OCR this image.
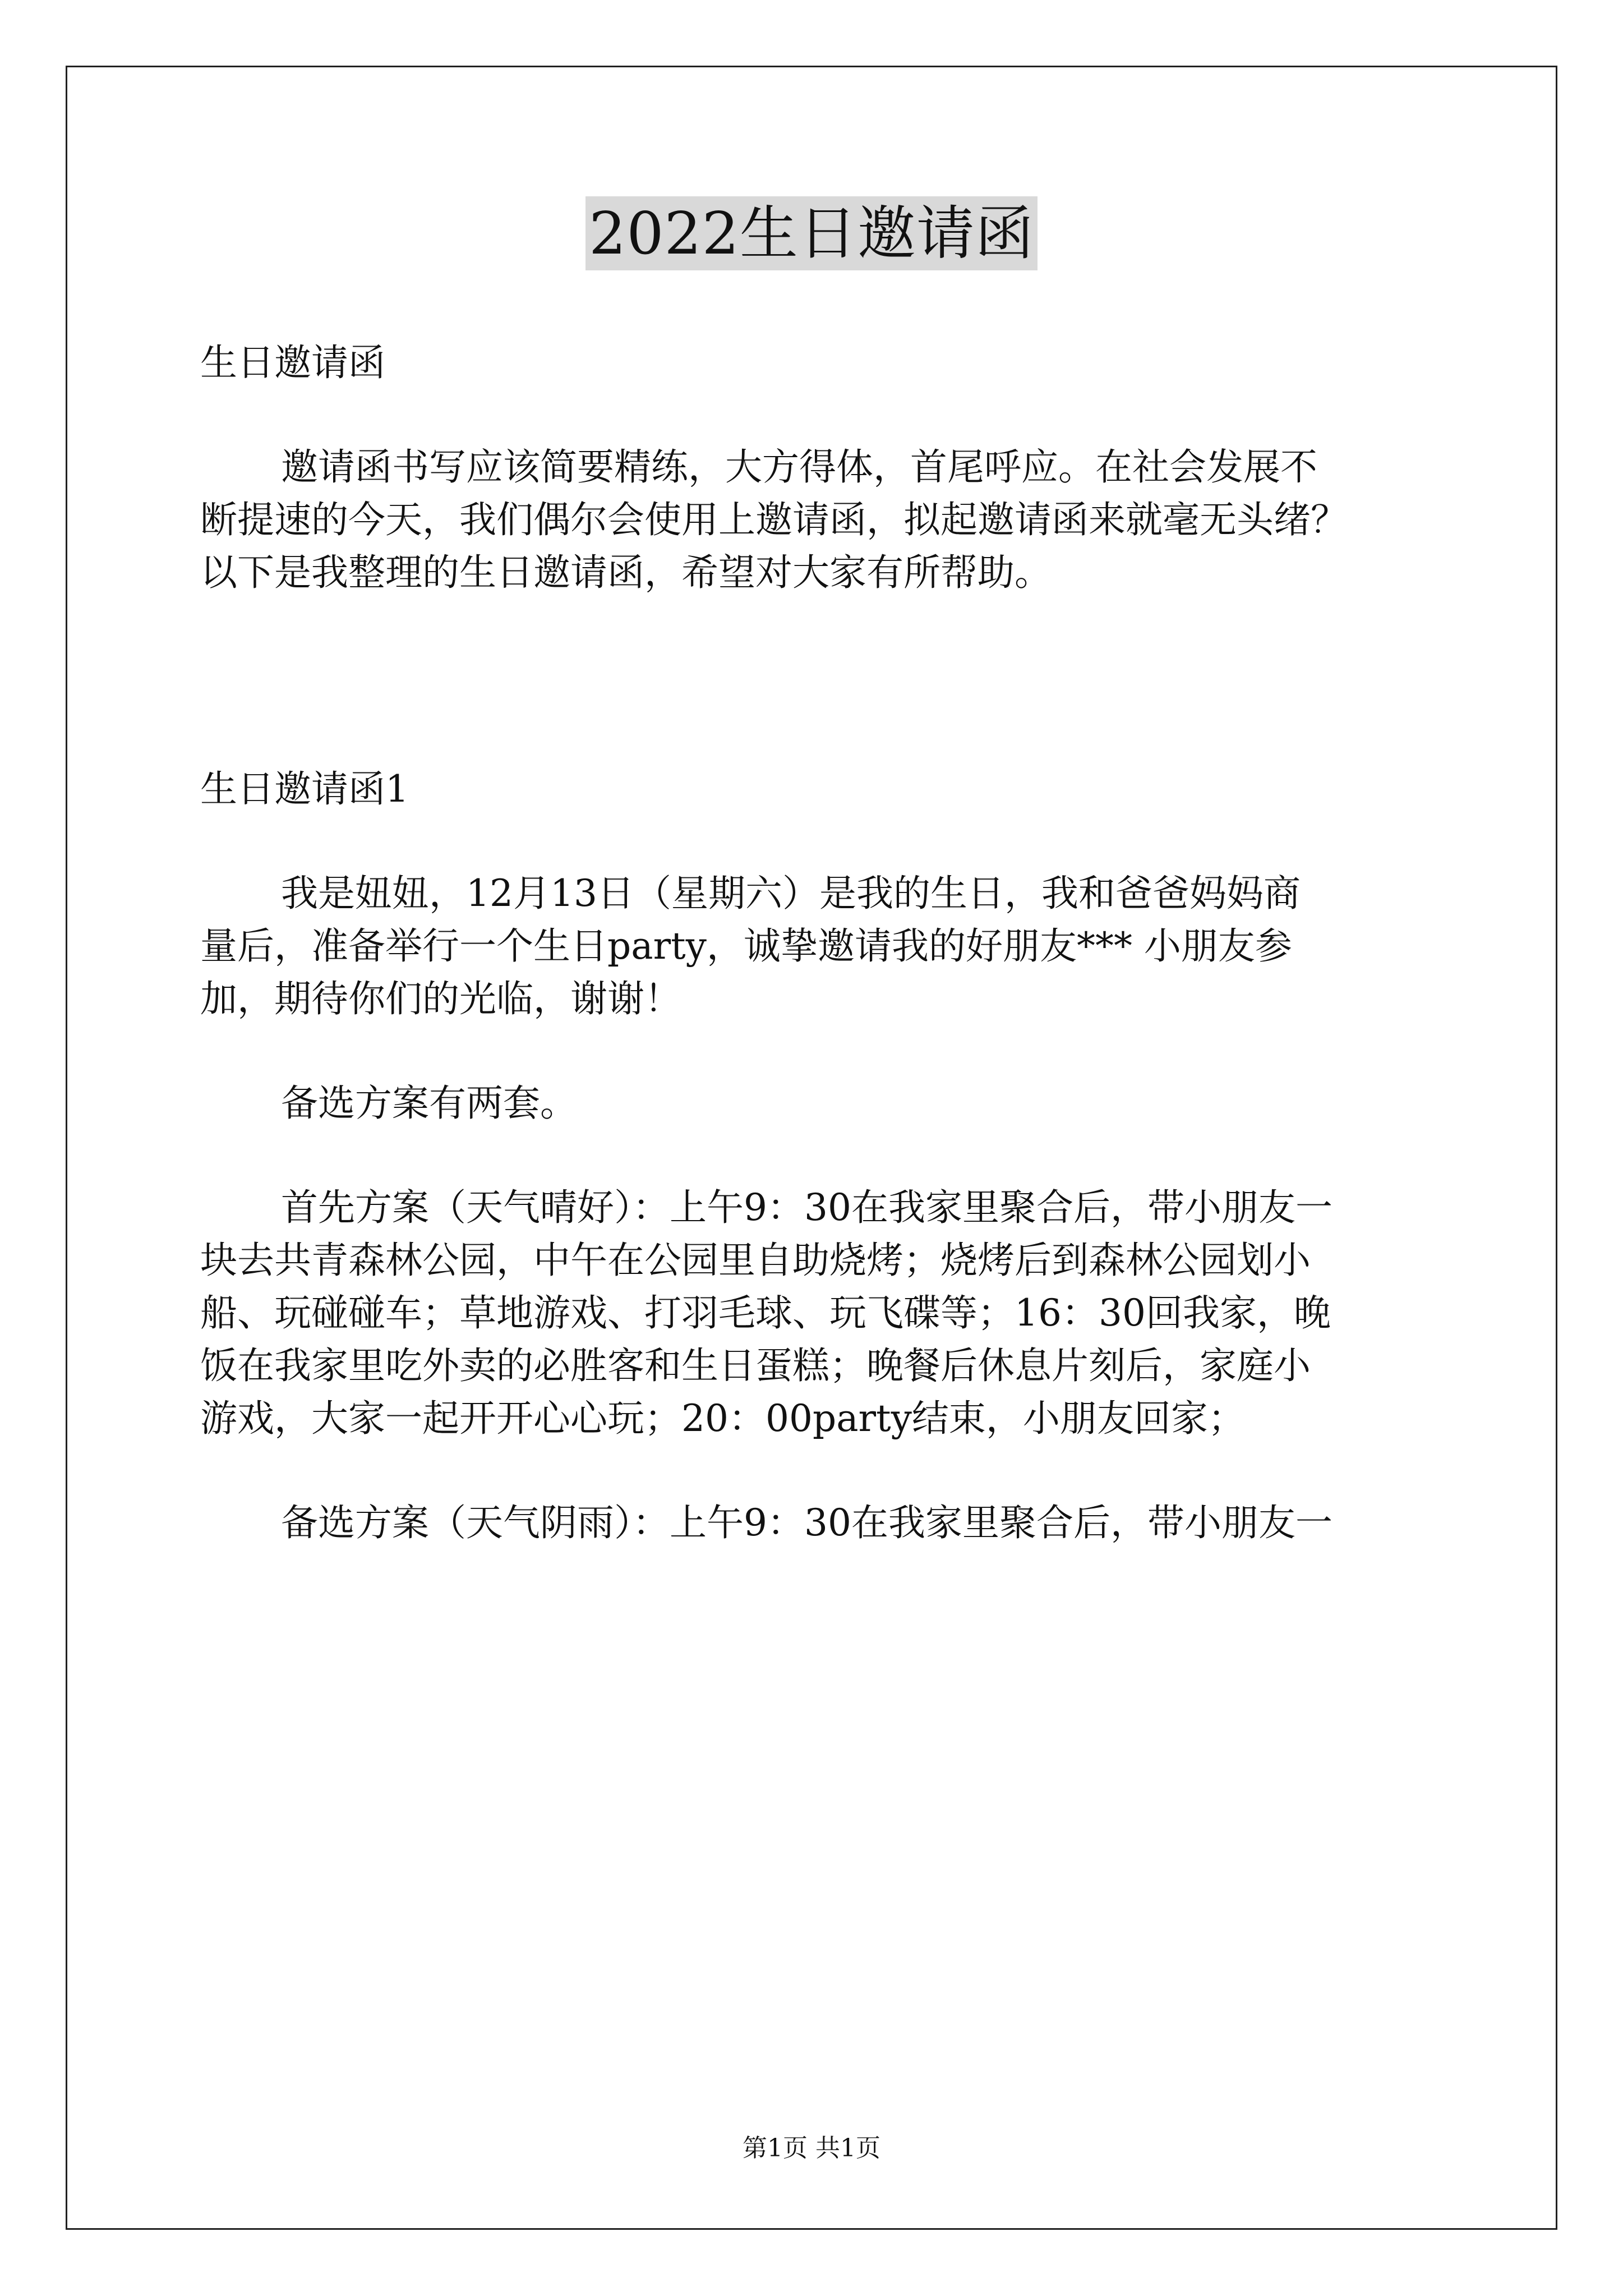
2022生日邀请函
生日邀请函
邀请函书写应该简要精练，大方得体，首尾呼应。在社会发展不
断提速的今天，我们偶尔会使用上邀请函，拟起邀请函来就毫无头绪？
以下是我整理的生日邀请函，希望对大家有所帮助。
生日邀请函1
我是妞妞，12月13日（星期六）是我的生日，我和爸爸妈妈商
量后，准备举行一个生日party，诚挚邀请我的好朋友*** 小朋友参
加，期待你们的光临，谢谢！
备选方案有两套。
首先方案（天气晴好）：上午9：30在我家里聚合后，带小朋友一
块去共青森林公园，中午在公园里自助烧烤；烧烤后到森林公园划小
船、玩碰碰车；草地游戏、打羽毛球、玩飞碟等；16：30回我家，晚
饭在我家里吃外卖的必胜客和生日蛋糕；晚餐后休息片刻后，家庭小
游戏，大家一起开开心心玩；20：00party结束，小朋友回家；
备选方案（天气阴雨）：上午9：30在我家里聚合后，带小朋友一
第1页 共1页
